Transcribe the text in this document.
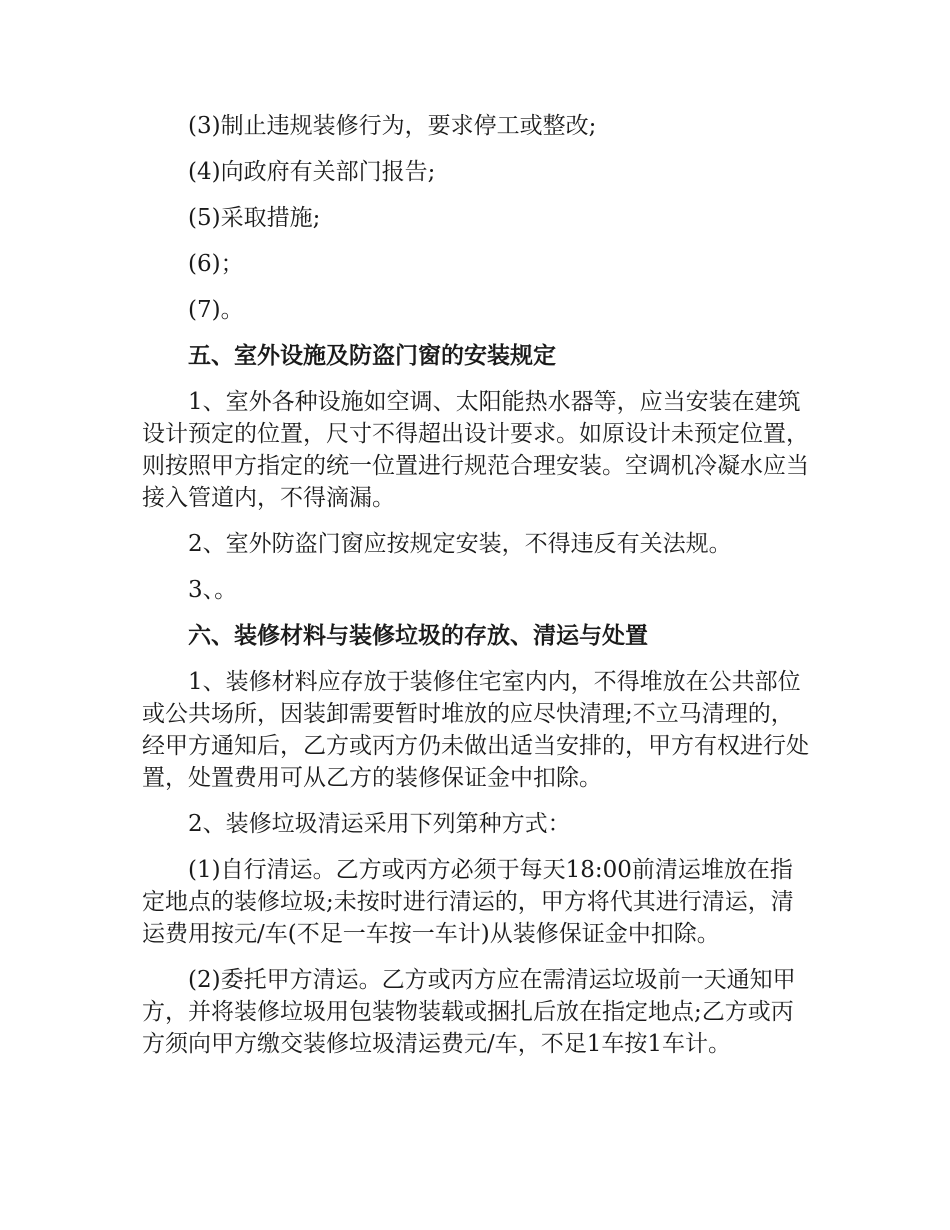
(3)制止违规装修行为，要求停工或整改;

(4)向政府有关部门报告;

(5)采取措施;

(6)；

(7)。

五、室外设施及防盗门窗的安装规定

1、室外各种设施如空调、太阳能热水器等，应当安装在建筑设计预定的位置，尺寸不得超出设计要求。如原设计未预定位置，则按照甲方指定的统一位置进行规范合理安装。空调机冷凝水应当接入管道内，不得滴漏。

2、室外防盗门窗应按规定安装，不得违反有关法规。

3、。

六、装修材料与装修垃圾的存放、清运与处置

1、装修材料应存放于装修住宅室内内，不得堆放在公共部位或公共场所，因装卸需要暂时堆放的应尽快清理;不立马清理的，经甲方通知后，乙方或丙方仍未做出适当安排的，甲方有权进行处置，处置费用可从乙方的装修保证金中扣除。

2、装修垃圾清运采用下列第种方式：

(1)自行清运。乙方或丙方必须于每天18:00前清运堆放在指定地点的装修垃圾;未按时进行清运的，甲方将代其进行清运，清运费用按元/车(不足一车按一车计)从装修保证金中扣除。

(2)委托甲方清运。乙方或丙方应在需清运垃圾前一天通知甲方，并将装修垃圾用包装物装载或捆扎后放在指定地点;乙方或丙方须向甲方缴交装修垃圾清运费元/车，不足1车按1车计。
